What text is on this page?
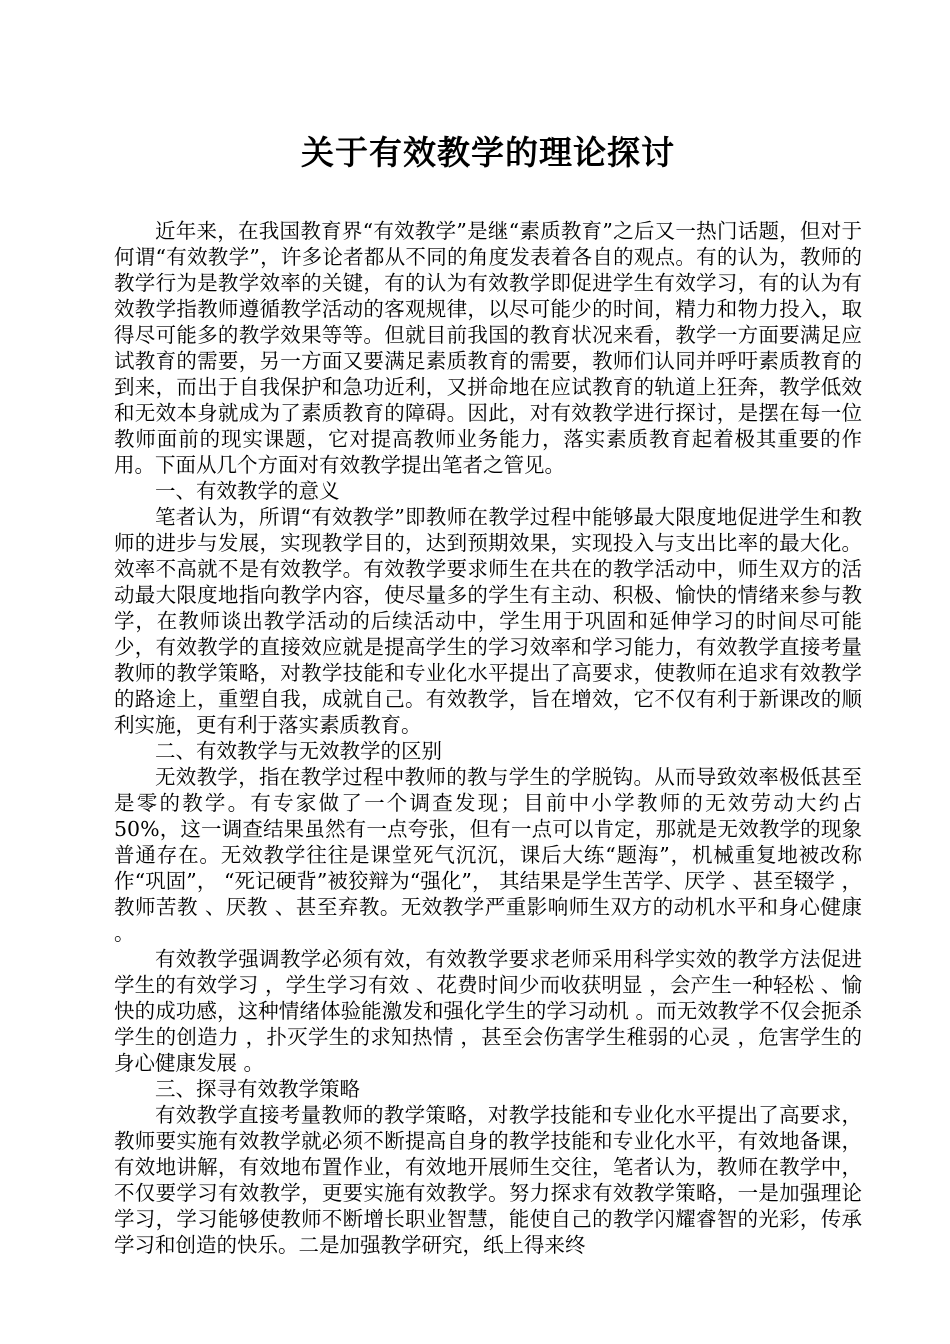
关于有效教学的理论探讨

近年来，在我国教育界“有效教学”是继“素质教育”之后又一热门话题，但对于何谓“有效教学”，许多论者都从不同的角度发表着各自的观点。有的认为，教师的教学行为是教学效率的关键，有的认为有效教学即促进学生有效学习，有的认为有效教学指教师遵循教学活动的客观规律，以尽可能少的时间，精力和物力投入，取得尽可能多的教学效果等等。但就目前我国的教育状况来看，教学一方面要满足应试教育的需要，另一方面又要满足素质教育的需要，教师们认同并呼吁素质教育的到来，而出于自我保护和急功近利，又拼命地在应试教育的轨道上狂奔，教学低效和无效本身就成为了素质教育的障碍。因此，对有效教学进行探讨，是摆在每一位教师面前的现实课题，它对提高教师业务能力，落实素质教育起着极其重要的作用。下面从几个方面对有效教学提出笔者之管见。

一、有效教学的意义

笔者认为，所谓“有效教学”即教师在教学过程中能够最大限度地促进学生和教师的进步与发展，实现教学目的，达到预期效果，实现投入与支出比率的最大化。效率不高就不是有效教学。有效教学要求师生在共在的教学活动中，师生双方的活动最大限度地指向教学内容，使尽量多的学生有主动、积极、愉快的情绪来参与教学，在教师谈出教学活动的后续活动中，学生用于巩固和延伸学习的时间尽可能少，有效教学的直接效应就是提高学生的学习效率和学习能力，有效教学直接考量教师的教学策略，对教学技能和专业化水平提出了高要求，使教师在追求有效教学的路途上，重塑自我，成就自己。有效教学，旨在增效，它不仅有利于新课改的顺利实施，更有利于落实素质教育。

二、有效教学与无效教学的区别

无效教学，指在教学过程中教师的教与学生的学脱钩。从而导致效率极低甚至是零的教学。有专家做了一个调查发现；目前中小学教师的无效劳动大约占 50%，这一调查结果虽然有一点夸张，但有一点可以肯定，那就是无效教学的现象普通存在。无效教学往往是课堂死气沉沉，课后大练“题海”，机械重复地被改称作“巩固”， “死记硬背”被狡辩为“强化”， 其结果是学生苦学、厌学 、甚至辍学 ，教师苦教 、厌教 、甚至弃教。无效教学严重影响师生双方的动机水平和身心健康 。

有效教学强调教学必须有效，有效教学要求老师采用科学实效的教学方法促进学生的有效学习 ，学生学习有效 、花费时间少而收获明显 ，会产生一种轻松 、愉快的成功感，这种情绪体验能激发和强化学生的学习动机 。而无效教学不仅会扼杀学生的创造力 ，扑灭学生的求知热情 ，甚至会伤害学生稚弱的心灵 ，危害学生的身心健康发展 。

三、探寻有效教学策略

有效教学直接考量教师的教学策略，对教学技能和专业化水平提出了高要求，教师要实施有效教学就必须不断提高自身的教学技能和专业化水平，有效地备课，有效地讲解，有效地布置作业，有效地开展师生交往，笔者认为，教师在教学中，不仅要学习有效教学，更要实施有效教学。努力探求有效教学策略，一是加强理论学习，学习能够使教师不断增长职业智慧，能使自己的教学闪耀睿智的光彩，传承学习和创造的快乐。二是加强教学研究，纸上得来终
